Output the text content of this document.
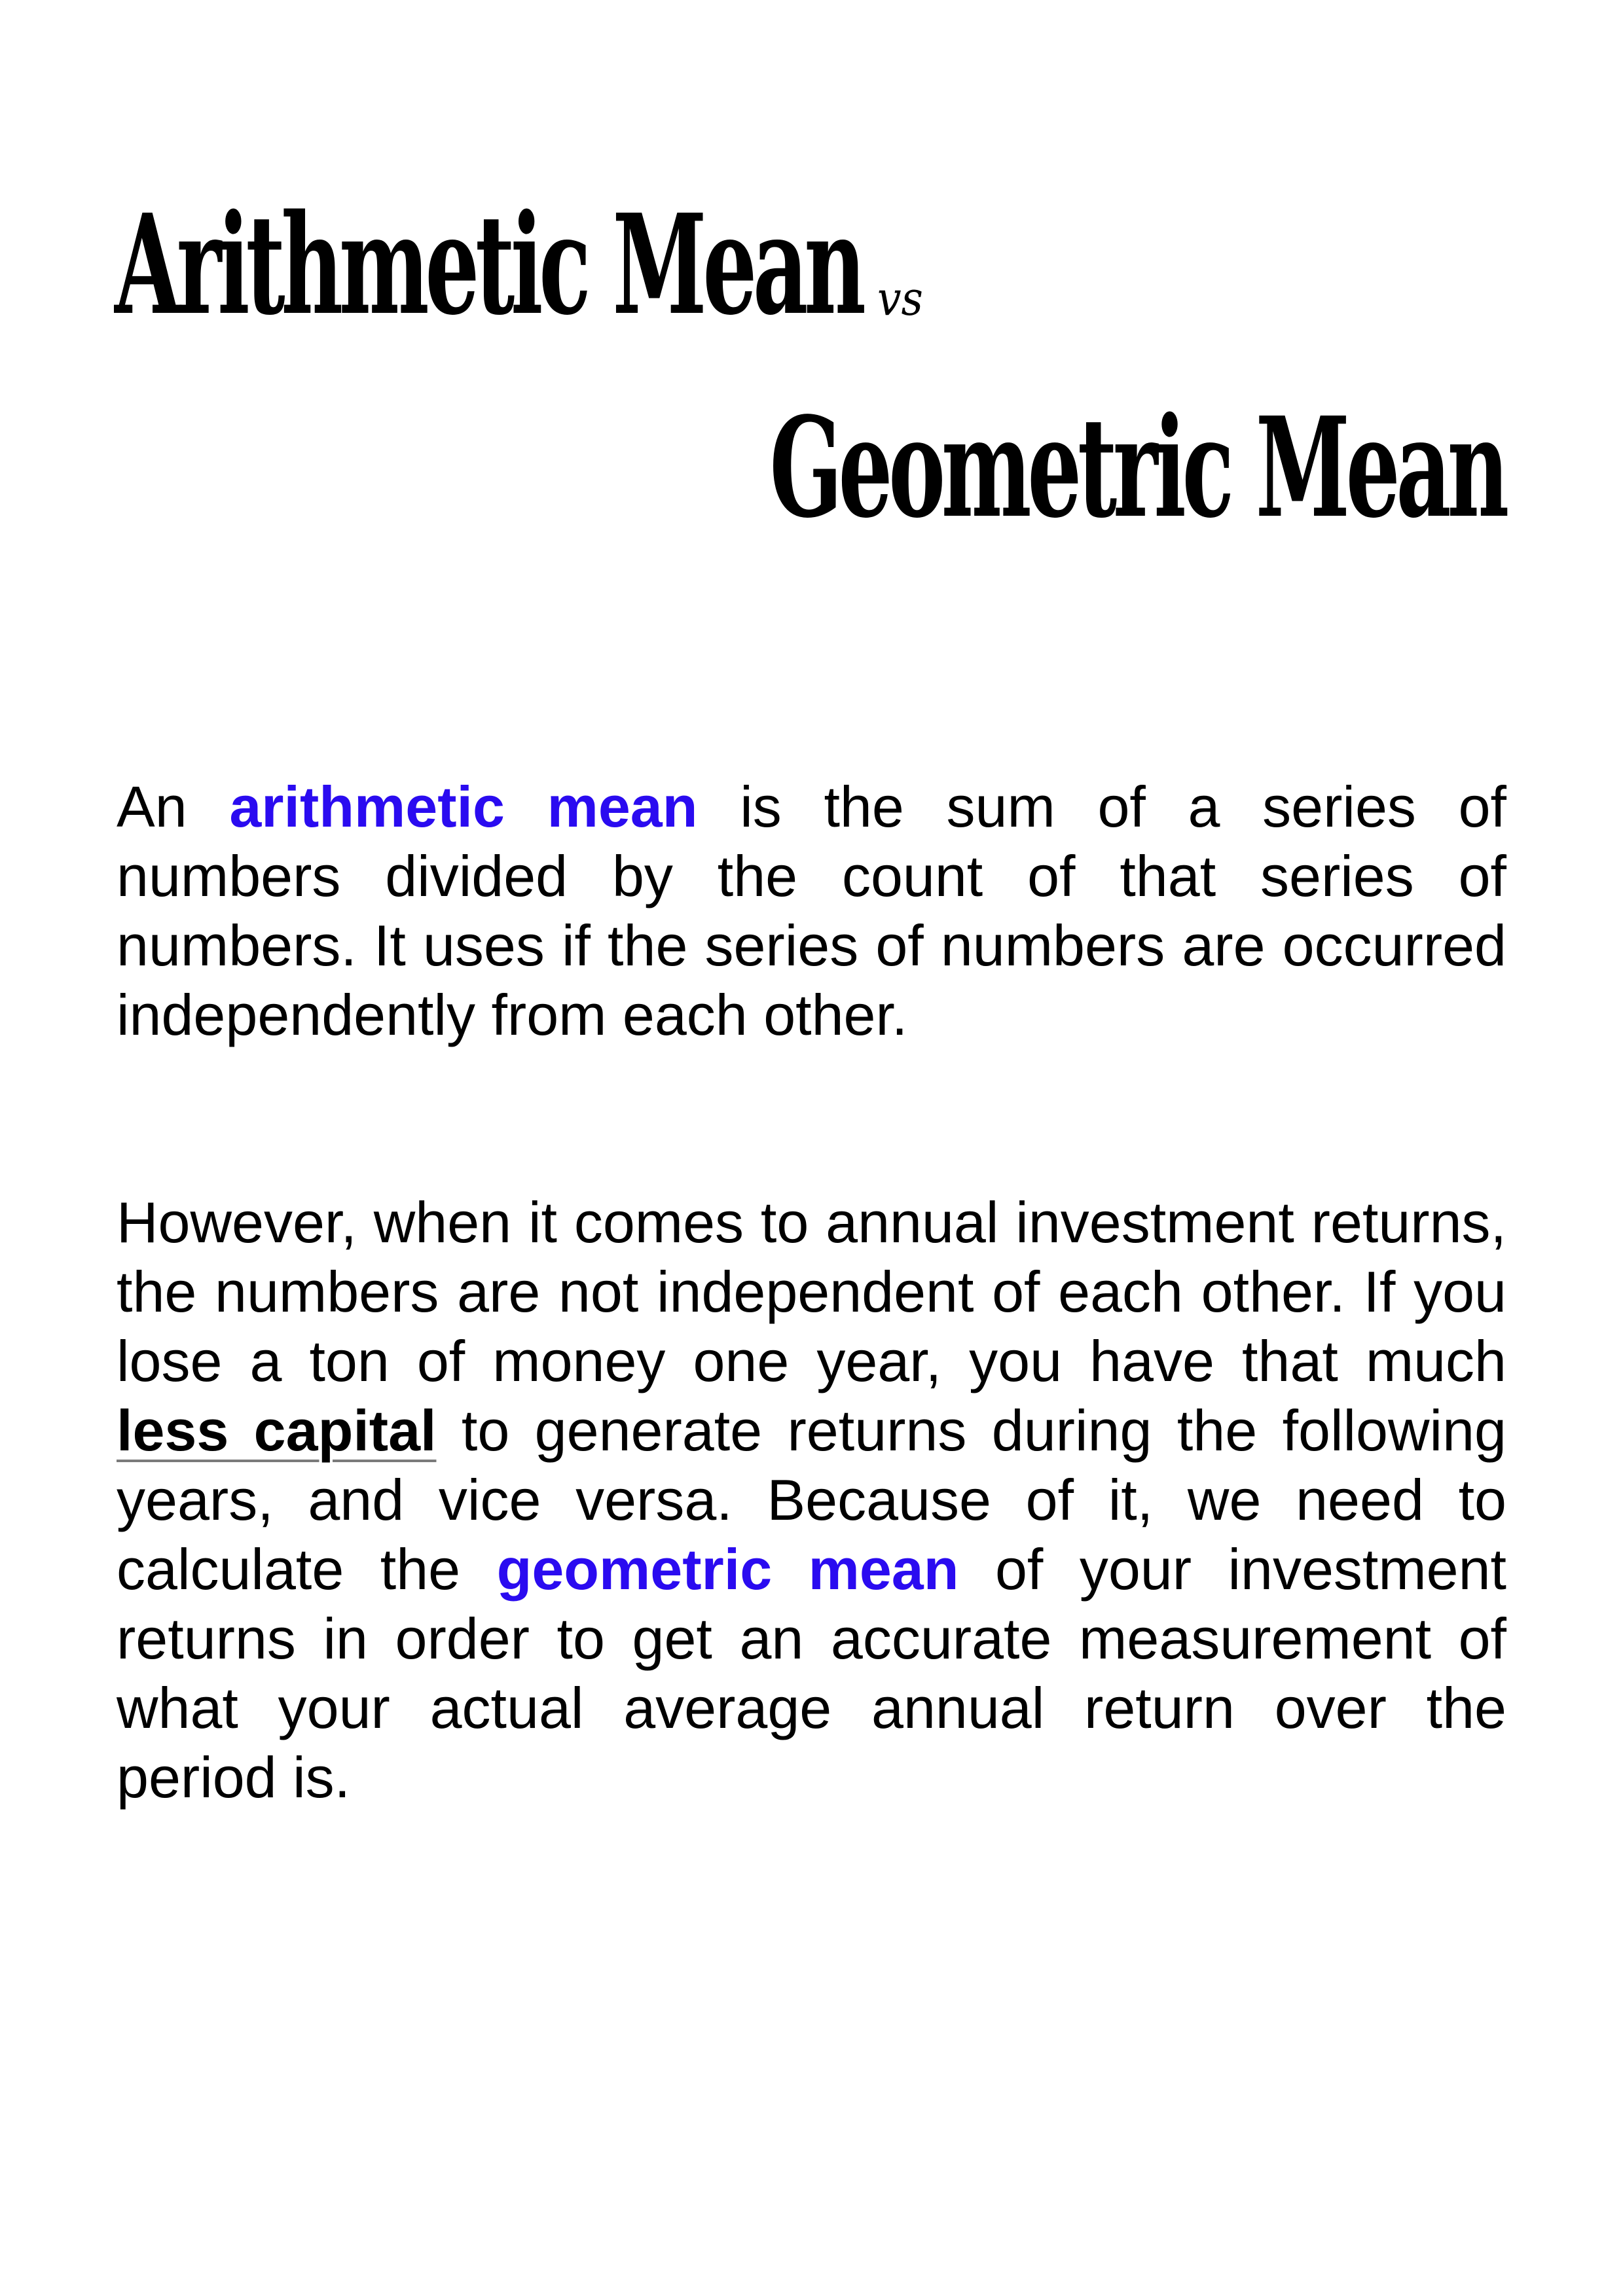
Arithmetic Mean vs
Geometric Mean

An arithmetic mean is the sum of a series of numbers divided by the count of that series of numbers. It uses if the series of numbers are occurred independently from each other.

However, when it comes to annual investment returns, the numbers are not independent of each other. If you lose a ton of money one year, you have that much less capital to generate returns during the following years, and vice versa. Because of it, we need to calculate the geometric mean of your investment returns in order to get an accurate measurement of what your actual average annual return over the period is.
